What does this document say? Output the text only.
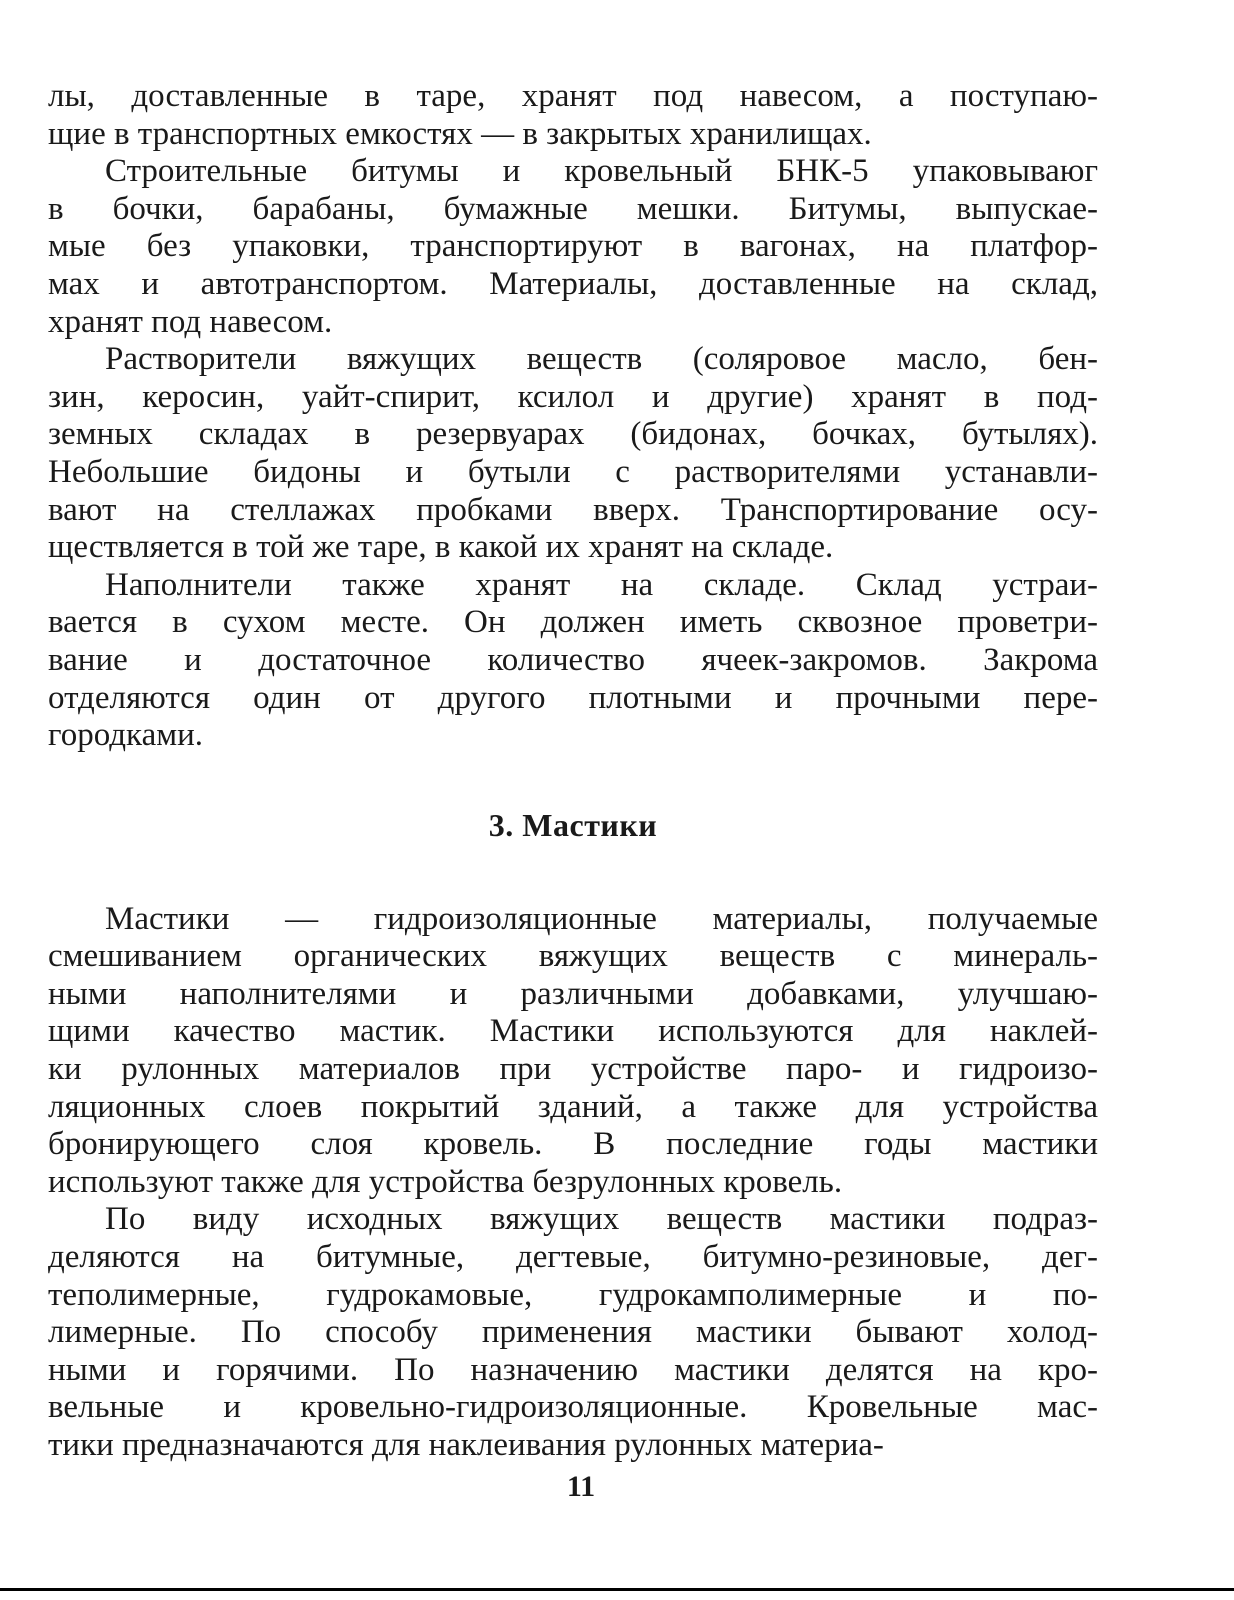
лы, доставленные в таре, хранят под навесом, а поступаю-
щие в транспортных емкостях — в закрытых хранилищах.
Строительные битумы и кровельный БНК-5 упаковываюг
в бочки, барабаны, бумажные мешки. Битумы, выпускае-
мые без упаковки, транспортируют в вагонах, на платфор-
мах и автотранспортом. Материалы, доставленные на склад,
хранят под навесом.
Растворители вяжущих веществ (соляровое масло, бен-
зин, керосин, уайт-спирит, ксилол и другие) хранят в под-
земных складах в резервуарах (бидонах, бочках, бутылях).
Небольшие бидоны и бутыли с растворителями устанавли-
вают на стеллажах пробками вверх. Транспортирование осу-
ществляется в той же таре, в какой их хранят на складе.
Наполнители также хранят на складе. Склад устраи-
вается в сухом месте. Он должен иметь сквозное проветри-
вание и достаточное количество ячеек-закромов. Закрома
отделяются один от другого плотными и прочными пере-
городками.
3. Мастики
Мастики — гидроизоляционные материалы, получаемые
смешиванием органических вяжущих веществ с минераль-
ными наполнителями и различными добавками, улучшаю-
щими качество мастик. Мастики используются для наклей-
ки рулонных материалов при устройстве паро- и гидроизо-
ляционных слоев покрытий зданий, а также для устройства
бронирующего слоя кровель. В последние годы мастики
используют также для устройства безрулонных кровель.
По виду исходных вяжущих веществ мастики подраз-
деляются на битумные, дегтевые, битумно-резиновые, дег-
теполимерные, гудрокамовые, гудрокамполимерные и по-
лимерные. По способу применения мастики бывают холод-
ными и горячими. По назначению мастики делятся на кро-
вельные и кровельно-гидроизоляционные. Кровельные мас-
тики предназначаются для наклеивания рулонных материа-
11
